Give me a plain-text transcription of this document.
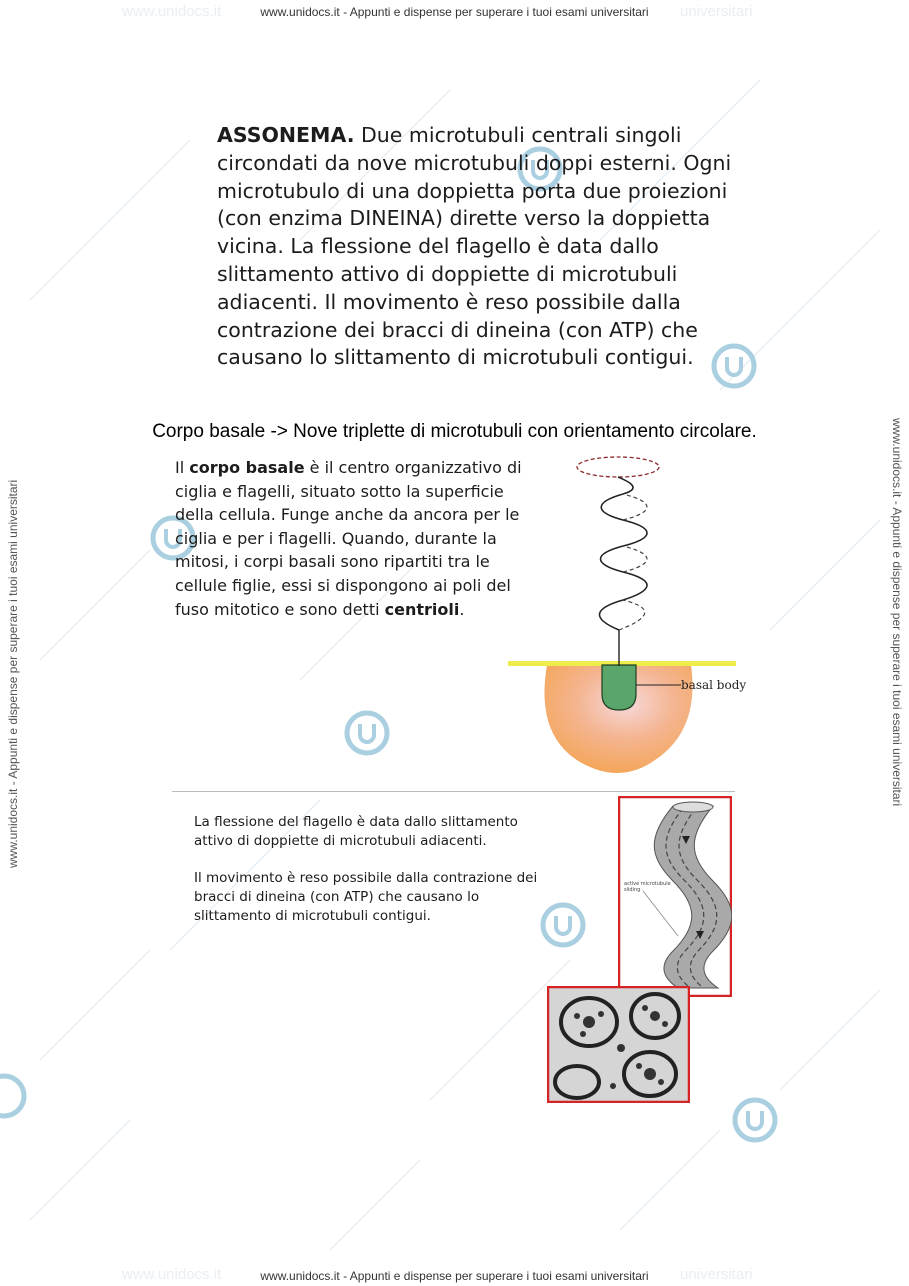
www.unidocs.it	universitari
www.unidocs.it	universitari
www.unidocs.it - Appunti e dispense per superare i tuoi esami universitari
www.unidocs.it - Appunti e dispense per superare i tuoi esami universitari
www.unidocs.it - Appunti e dispense per superare i tuoi esami universitari	www.unidocs.it - Appunti e dispense per superare i tuoi esami universitari
ASSONEMA. Due microtubuli centrali singoli circondati da nove microtubuli doppi esterni. Ogni microtubulo di una doppietta porta due proiezioni (con enzima DINEINA) dirette verso la doppietta vicina. La flessione del flagello è data dallo slittamento attivo di doppiette di microtubuli adiacenti. Il movimento è reso possibile dalla contrazione dei bracci di dineina (con ATP) che causano lo slittamento di microtubuli contigui.
Corpo basale -> Nove triplette di microtubuli con orientamento circolare.
Il corpo basale è il centro organizzativo di ciglia e flagelli, situato sotto la superficie della cellula. Funge anche da ancora per le ciglia e per i flagelli. Quando, durante la mitosi, i corpi basali sono ripartiti tra le cellule figlie, essi si dispongono ai poli del fuso mitotico e sono detti centrioli.
basal body
La flessione del flagello è data dallo slittamento attivo di doppiette di microtubuli adiacenti.
Il movimento è reso possibile dalla contrazione dei bracci di dineina (con ATP) che causano lo slittamento di microtubuli contigui.
active microtubule
sliding
